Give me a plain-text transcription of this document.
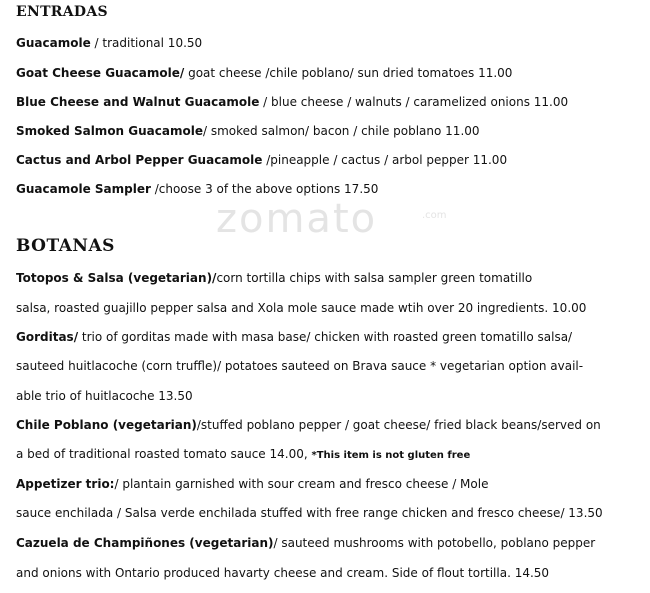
zomato	.com
ENTRADAS
Guacamole / traditional 10.50
Goat Cheese Guacamole/ goat cheese /chile poblano/ sun dried tomatoes 11.00
Blue Cheese and Walnut Guacamole / blue cheese / walnuts / caramelized onions 11.00
Smoked Salmon Guacamole/ smoked salmon/ bacon / chile poblano 11.00
Cactus and Arbol Pepper Guacamole /pineapple / cactus / arbol pepper 11.00
Guacamole Sampler /choose 3 of the above options 17.50
BOTANAS
Totopos & Salsa (vegetarian)/corn tortilla chips with salsa sampler green tomatillo
salsa, roasted guajillo pepper salsa and Xola mole sauce made wtih over 20 ingredients. 10.00
Gorditas/ trio of gorditas made with masa base/ chicken with roasted green tomatillo salsa/
sauteed huitlacoche (corn truffle)/ potatoes sauteed on Brava sauce * vegetarian option avail-
able trio of huitlacoche 13.50
Chile Poblano (vegetarian)/stuffed poblano pepper / goat cheese/ fried black beans/served on
a bed of traditional roasted tomato sauce 14.00, *This item is not gluten free
Appetizer trio:/ plantain garnished with sour cream and fresco cheese / Mole
sauce enchilada / Salsa verde enchilada stuffed with free range chicken and fresco cheese/ 13.50
Cazuela de Champiñones (vegetarian)/ sauteed mushrooms with potobello, poblano pepper
and onions with Ontario produced havarty cheese and cream. Side of flout tortilla. 14.50
